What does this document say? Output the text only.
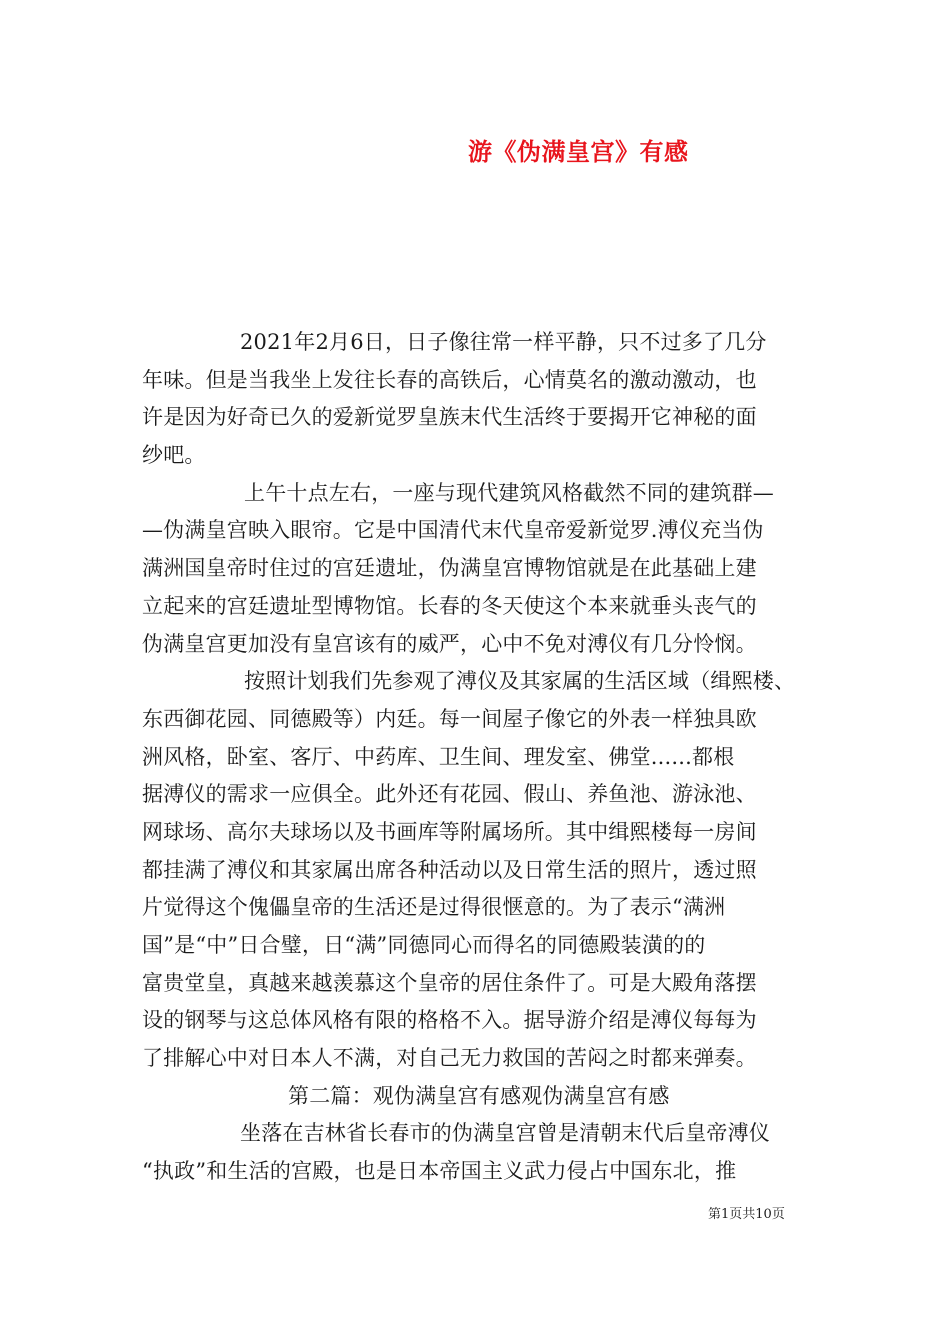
游《伪满皇宫》有感
2021年2月6日，日子像往常一样平静，只不过多了几分
年味。但是当我坐上发往长春的高铁后，心情莫名的激动激动，也
许是因为好奇已久的爱新觉罗皇族末代生活终于要揭开它神秘的面
纱吧。
上午十点左右，一座与现代建筑风格截然不同的建筑群—
—伪满皇宫映入眼帘。它是中国清代末代皇帝爱新觉罗.溥仪充当伪
满洲国皇帝时住过的宫廷遗址，伪满皇宫博物馆就是在此基础上建
立起来的宫廷遗址型博物馆。长春的冬天使这个本来就垂头丧气的
伪满皇宫更加没有皇宫该有的威严，心中不免对溥仪有几分怜悯。
按照计划我们先参观了溥仪及其家属的生活区域（缉熙楼、
东西御花园、同德殿等）内廷。每一间屋子像它的外表一样独具欧
洲风格，卧室、客厅、中药库、卫生间、理发室、佛堂......都根
据溥仪的需求一应俱全。此外还有花园、假山、养鱼池、游泳池、
网球场、高尔夫球场以及书画库等附属场所。其中缉熙楼每一房间
都挂满了溥仪和其家属出席各种活动以及日常生活的照片，透过照
片觉得这个傀儡皇帝的生活还是过得很惬意的。为了表示“满洲
国”是“中”日合璧，日“满”同德同心而得名的同德殿装潢的的
富贵堂皇，真越来越羡慕这个皇帝的居住条件了。可是大殿角落摆
设的钢琴与这总体风格有限的格格不入。据导游介绍是溥仪每每为
了排解心中对日本人不满，对自己无力救国的苦闷之时都来弹奏。
第二篇：观伪满皇宫有感观伪满皇宫有感
坐落在吉林省长春市的伪满皇宫曾是清朝末代后皇帝溥仪
“执政”和生活的宫殿，也是日本帝国主义武力侵占中国东北，推
第1页共10页
